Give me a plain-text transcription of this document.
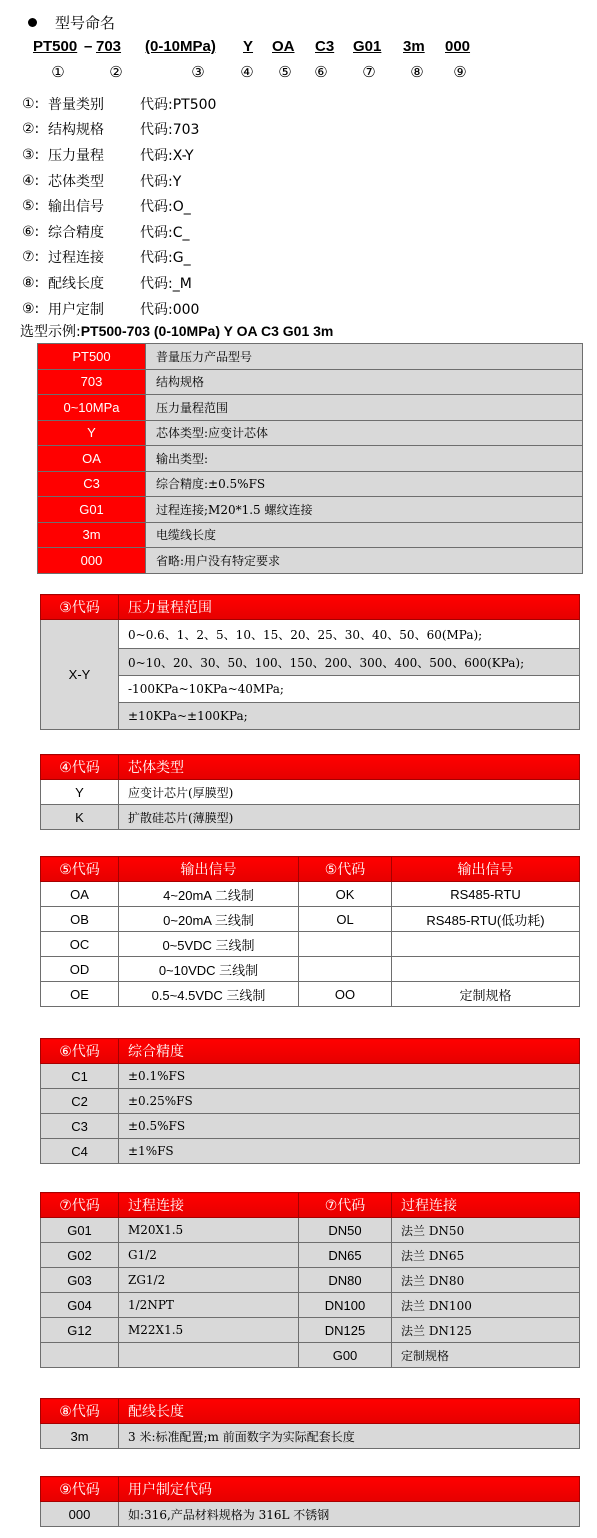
型号命名
PT500 – 703 (0-10MPa) Y OA C3 G01 3m 000
①	②	③ ④ ⑤ ⑥ ⑦ ⑧ ⑨
①: 普量类别	代码:PT500
②: 结构规格	代码:703
③: 压力量程	代码:X-Y
④: 芯体类型	代码:Y
⑤: 输出信号	代码:O_
⑥: 综合精度	代码:C_
⑦: 过程连接	代码:G_
⑧: 配线长度	代码:_M
⑨: 用户定制	代码:000
选型示例:PT500-703 (0-10MPa) Y OA C3 G01 3m
PT500	普量压力产品型号
703	结构规格
0~10MPa	压力量程范围
Y	芯体类型:应变计芯体
OA	输出类型:
C3	综合精度:±0.5%FS
G01	过程连接;M20*1.5 螺纹连接
3m	电缆线长度
000	省略:用户没有特定要求
③代码	压力量程范围
X-Y	0~0.6、1、2、5、10、15、20、25、30、40、50、60(MPa);
	0~10、20、30、50、100、150、200、300、400、500、600(KPa);
	-100KPa~10KPa~40MPa;
	±10KPa~±100KPa;
④代码	芯体类型
Y	应变计芯片(厚膜型)
K	扩散硅芯片(薄膜型)
⑤代码	输出信号	⑤代码	输出信号
OA	4~20mA 二线制	OK	RS485-RTU
OB	0~20mA 三线制	OL	RS485-RTU(低功耗)
OC	0~5VDC 三线制		
OD	0~10VDC 三线制		
OE	0.5~4.5VDC 三线制	OO	定制规格
⑥代码	综合精度
C1	±0.1%FS
C2	±0.25%FS
C3	±0.5%FS
C4	±1%FS
⑦代码	过程连接	⑦代码	过程连接
G01	M20X1.5	DN50	法兰 DN50
G02	G1/2	DN65	法兰 DN65
G03	ZG1/2	DN80	法兰 DN80
G04	1/2NPT	DN100	法兰 DN100
G12	M22X1.5	DN125	法兰 DN125
		G00	定制规格
⑧代码	配线长度
3m	3 米:标准配置;m 前面数字为实际配套长度
⑨代码	用户制定代码
000	如:316,产品材料规格为 316L 不锈钢
